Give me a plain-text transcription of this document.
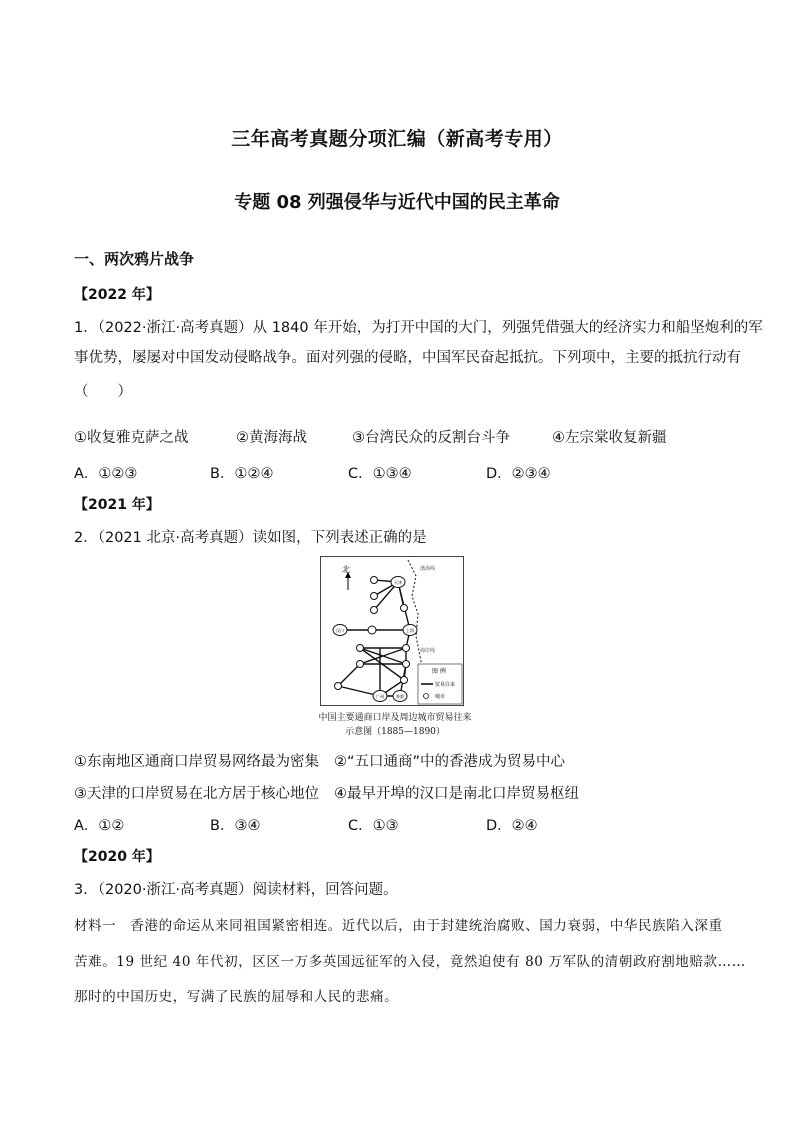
三年高考真题分项汇编（新高考专用）
专题 08 列强侵华与近代中国的民主革命
一、两次鸦片战争
【2022 年】
1．（2022·浙江·高考真题）从 1840 年开始，为打开中国的大门，列强凭借强大的经济实力和船坚炮利的军
事优势，屡屡对中国发动侵略战争。面对列强的侵略，中国军民奋起抵抗。下列项中，主要的抵抗行动有
（　　）
①收复雅克萨之战	②黄海海战	③台湾民众的反割台斗争	④左宗棠收复新疆
A．①②③	B．①②④	C．①③④	D．②③④
【2021 年】
2．（2021 北京·高考真题）读如图，下列表述正确的是
北	渤海线
海岸线
天津
汉口	上海
广州	香港
图 例
贸易往来
城市
中国主要通商口岸及周边城市贸易往来
示意图（1885—1890）
①东南地区通商口岸贸易网络最为密集 ②“五口通商”中的香港成为贸易中心
③天津的口岸贸易在北方居于核心地位 ④最早开埠的汉口是南北口岸贸易枢纽
A．①②	B．③④	C．①③	D．②④
【2020 年】
3．（2020·浙江·高考真题）阅读材料，回答问题。
材料一　香港的命运从来同祖国紧密相连。近代以后，由于封建统治腐败、国力衰弱，中华民族陷入深重
苦难。19 世纪 40 年代初，区区一万多英国远征军的入侵，竟然迫使有 80 万军队的清朝政府割地赔款……
那时的中国历史，写满了民族的屈辱和人民的悲痛。
